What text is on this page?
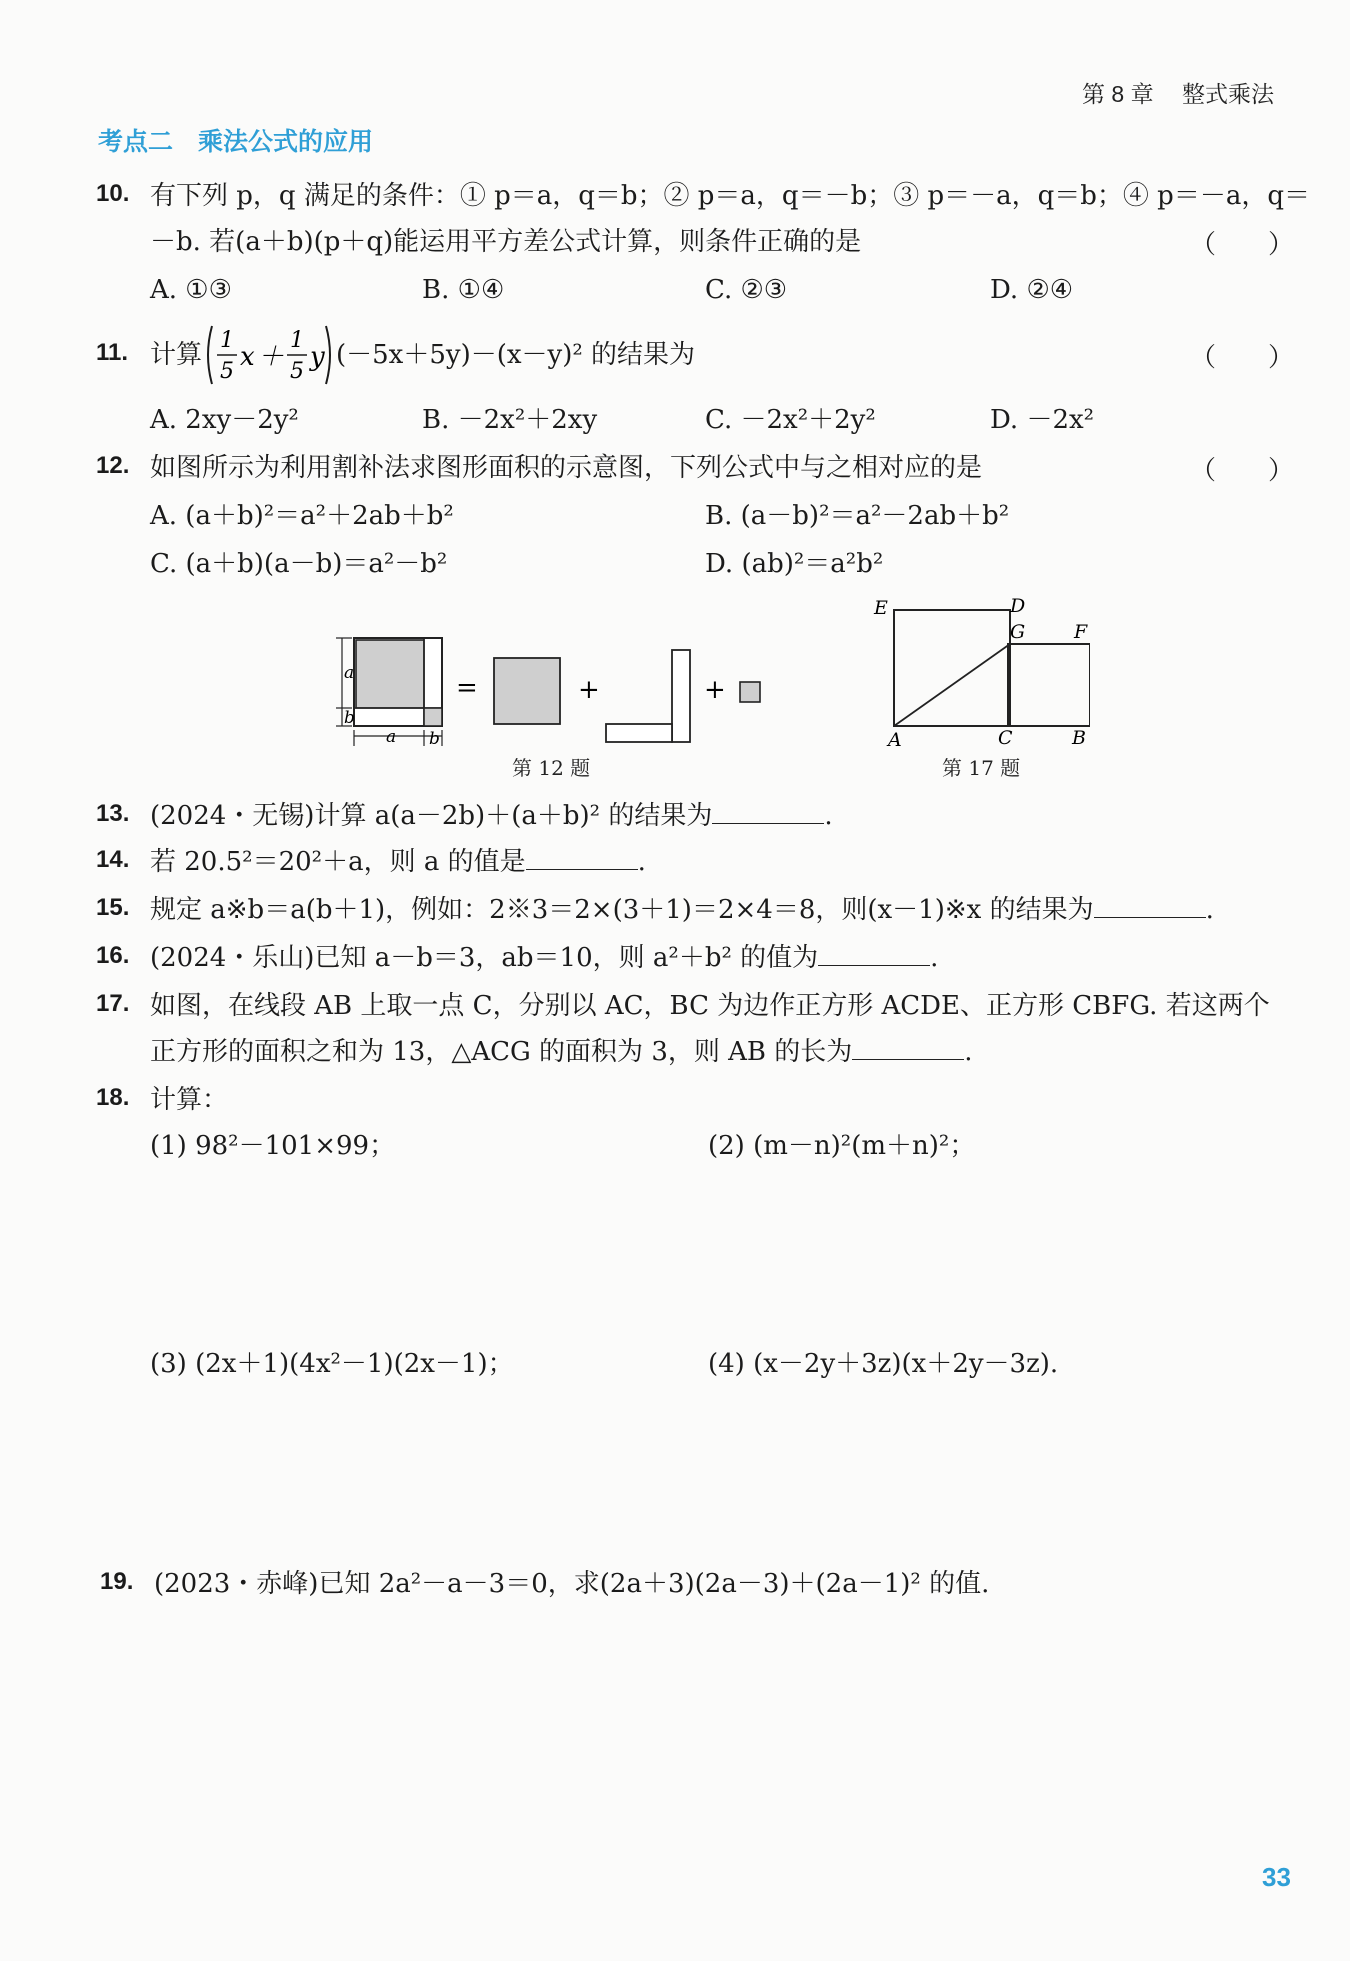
第 8 章 整式乘法
考点二　乘法公式的应用
10. 有下列 p，q 满足的条件：① p＝a，q＝b；② p＝a，q＝－b；③ p＝－a，q＝b；④ p＝－a，q＝
－b. 若(a＋b)(p＋q)能运用平方差公式计算，则条件正确的是	（　　）
A. ①③	B. ①④	C. ②③	D. ②④
11. 计算 1
5 x ＋
1
5 y (－5x＋5y)－(x－y)² 的结果为	（　　）
A. 2xy－2y²	B. －2x²＋2xy	C. －2x²＋2y²	D. －2x²
12. 如图所示为利用割补法求图形面积的示意图，下列公式中与之相对应的是	（　　）
A. (a＋b)²＝a²＋2ab＋b²	B. (a－b)²＝a²－2ab＋b²
C. (a＋b)(a－b)＝a²－b²	D. (ab)²＝a²b²
a
b
a b
=	+	+
第 12 题
E	D
G	F
A	C	B
第 17 题
13. (2024・无锡)计算 a(a－2b)＋(a＋b)² 的结果为	.
14. 若 20.5²＝20²＋a，则 a 的值是	.
15. 规定 a※b＝a(b＋1)，例如：2※3＝2×(3＋1)＝2×4＝8，则(x－1)※x 的结果为	.
16. (2024・乐山)已知 a－b＝3，ab＝10，则 a²＋b² 的值为	.
17. 如图，在线段 AB 上取一点 C，分别以 AC，BC 为边作正方形 ACDE、正方形 CBFG. 若这两个
正方形的面积之和为 13，△ACG 的面积为 3，则 AB 的长为	.
18. 计算：
(1) 98²－101×99；	(2) (m－n)²(m＋n)²；
(3) (2x＋1)(4x²－1)(2x－1)；	(4) (x－2y＋3z)(x＋2y－3z).
19. (2023・赤峰)已知 2a²－a－3＝0，求(2a＋3)(2a－3)＋(2a－1)² 的值.
33
